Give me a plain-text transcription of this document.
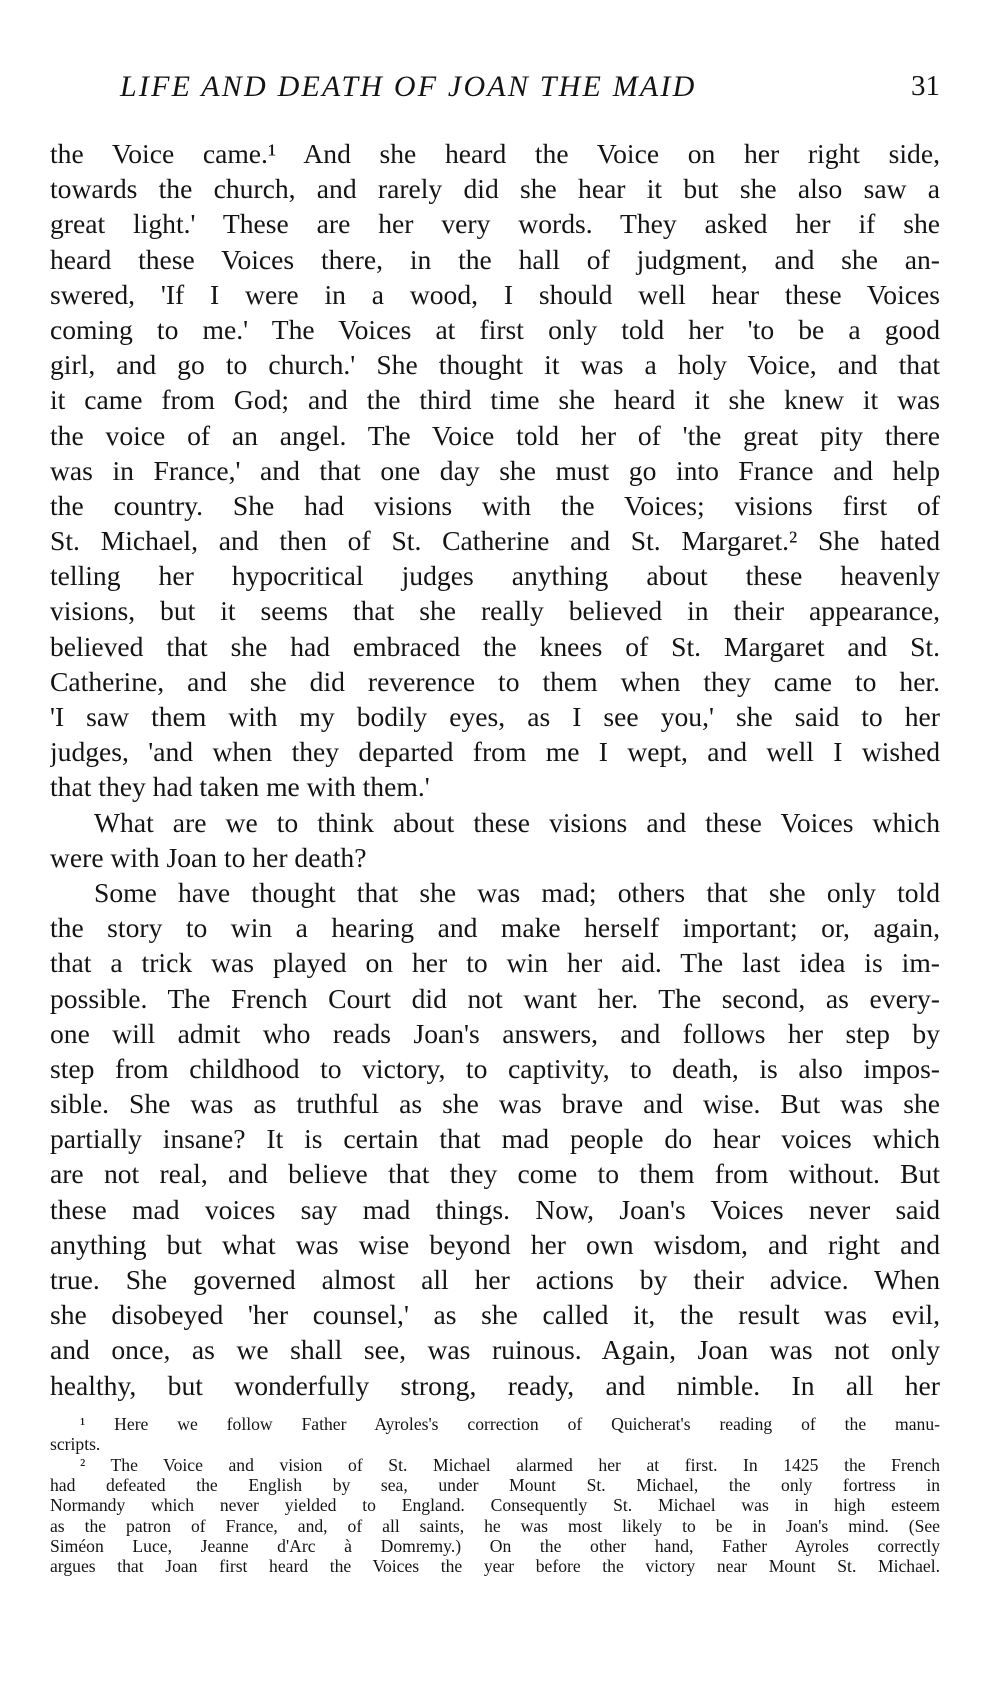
LIFE AND DEATH OF JOAN THE MAID	31
the Voice came.¹ And she heard the Voice on her right side,
towards the church, and rarely did she hear it but she also saw a
great light.' These are her very words. They asked her if she
heard these Voices there, in the hall of judgment, and she an-
swered, 'If I were in a wood, I should well hear these Voices
coming to me.' The Voices at first only told her 'to be a good
girl, and go to church.' She thought it was a holy Voice, and that
it came from God; and the third time she heard it she knew it was
the voice of an angel. The Voice told her of 'the great pity there
was in France,' and that one day she must go into France and help
the country. She had visions with the Voices; visions first of
St. Michael, and then of St. Catherine and St. Margaret.² She hated
telling her hypocritical judges anything about these heavenly
visions, but it seems that she really believed in their appearance,
believed that she had embraced the knees of St. Margaret and St.
Catherine, and she did reverence to them when they came to her.
'I saw them with my bodily eyes, as I see you,' she said to her
judges, 'and when they departed from me I wept, and well I wished
that they had taken me with them.'
What are we to think about these visions and these Voices which
were with Joan to her death?
Some have thought that she was mad; others that she only told
the story to win a hearing and make herself important; or, again,
that a trick was played on her to win her aid. The last idea is im-
possible. The French Court did not want her. The second, as every-
one will admit who reads Joan's answers, and follows her step by
step from childhood to victory, to captivity, to death, is also impos-
sible. She was as truthful as she was brave and wise. But was she
partially insane? It is certain that mad people do hear voices which
are not real, and believe that they come to them from without. But
these mad voices say mad things. Now, Joan's Voices never said
anything but what was wise beyond her own wisdom, and right and
true. She governed almost all her actions by their advice. When
she disobeyed 'her counsel,' as she called it, the result was evil,
and once, as we shall see, was ruinous. Again, Joan was not only
healthy, but wonderfully strong, ready, and nimble. In all her
¹ Here we follow Father Ayroles's correction of Quicherat's reading of the manu-
scripts.
² The Voice and vision of St. Michael alarmed her at first. In 1425 the French
had defeated the English by sea, under Mount St. Michael, the only fortress in
Normandy which never yielded to England. Consequently St. Michael was in high esteem
as the patron of France, and, of all saints, he was most likely to be in Joan's mind. (See
Siméon Luce, Jeanne d'Arc à Domremy.) On the other hand, Father Ayroles correctly
argues that Joan first heard the Voices the year before the victory near Mount St. Michael.
